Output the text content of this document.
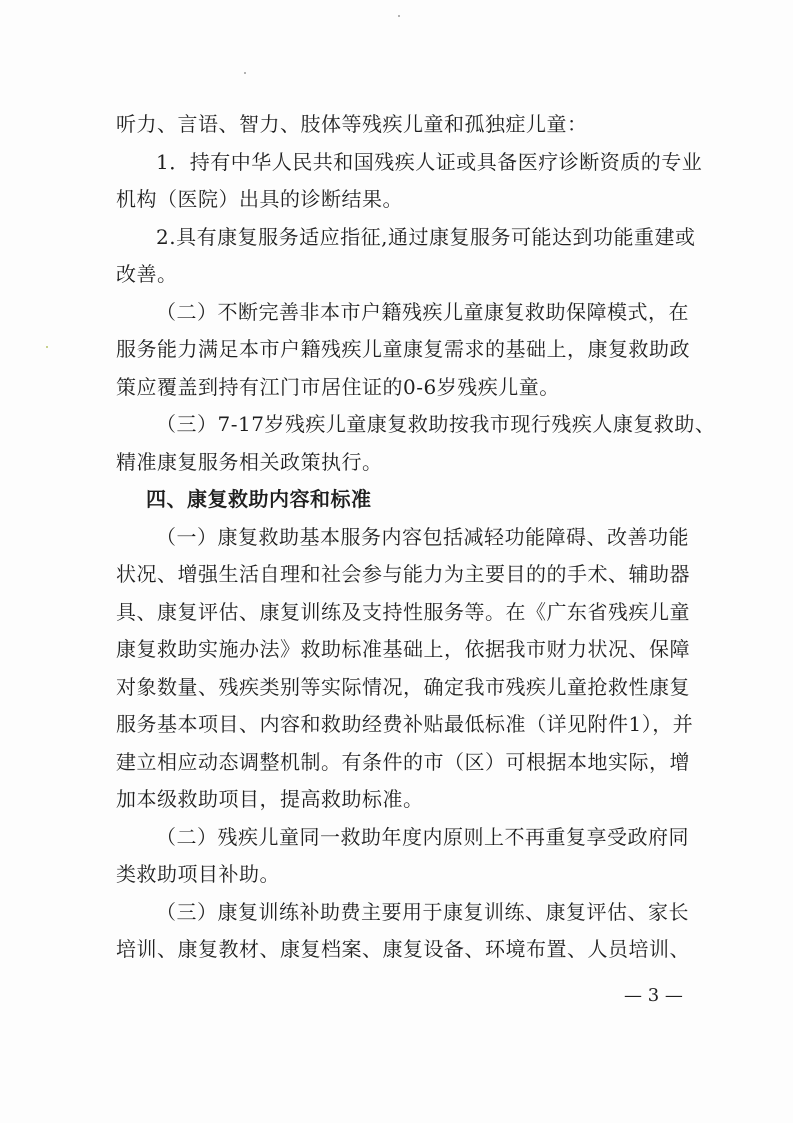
听力、言语、智力、肢体等残疾儿童和孤独症儿童：
1．持有中华人民共和国残疾人证或具备医疗诊断资质的专业
机构（医院）出具的诊断结果。
2.具有康复服务适应指征,通过康复服务可能达到功能重建或
改善。
（二）不断完善非本市户籍残疾儿童康复救助保障模式，在
服务能力满足本市户籍残疾儿童康复需求的基础上，康复救助政
策应覆盖到持有江门市居住证的0-6岁残疾儿童。
（三）7-17岁残疾儿童康复救助按我市现行残疾人康复救助、
精准康复服务相关政策执行。
四、康复救助内容和标准
（一）康复救助基本服务内容包括减轻功能障碍、改善功能
状况、增强生活自理和社会参与能力为主要目的的手术、辅助器
具、康复评估、康复训练及支持性服务等。在《广东省残疾儿童
康复救助实施办法》救助标准基础上，依据我市财力状况、保障
对象数量、残疾类别等实际情况，确定我市残疾儿童抢救性康复
服务基本项目、内容和救助经费补贴最低标准（详见附件1），并
建立相应动态调整机制。有条件的市（区）可根据本地实际，增
加本级救助项目，提高救助标准。
（二）残疾儿童同一救助年度内原则上不再重复享受政府同
类救助项目补助。
（三）康复训练补助费主要用于康复训练、康复评估、家长
培训、康复教材、康复档案、康复设备、环境布置、人员培训、
— 3 —
